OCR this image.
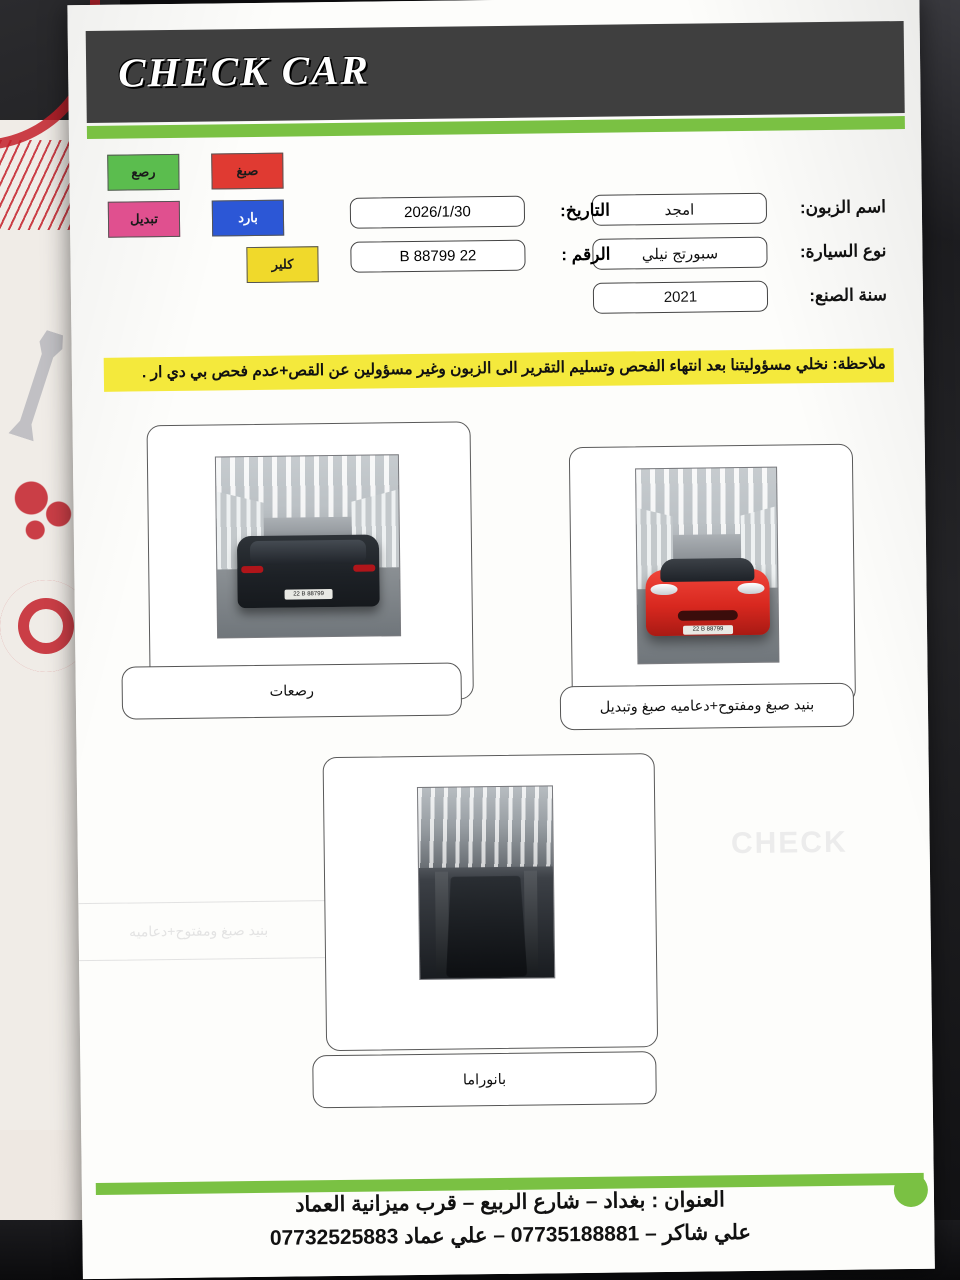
CHECK CAR
رصع	صبغ
تبديل	بارد
كلير
اسم الزبون:
امجد
نوع السيارة:
سبورتج نيلي
سنة الصنع:
2021
التاريخ:
2026/1/30
الرقم :
22 B 88799
ملاحظة: نخلي مسؤوليتنا بعد انتهاء الفحص وتسليم التقرير الى الزبون وغير مسؤولين عن القص+عدم فحص بي دي ار .
بنيد صبغ ومفتوح+دعاميه
CHECK
22 B 88799
رصعات
22 B 88799
بنيد صبغ ومفتوح+دعاميه صبغ وتبديل
بانوراما
العنوان : بغداد – شارع الربيع – قرب ميزانية العماد
علي شاكر – 07735188881 – علي عماد 07732525883
